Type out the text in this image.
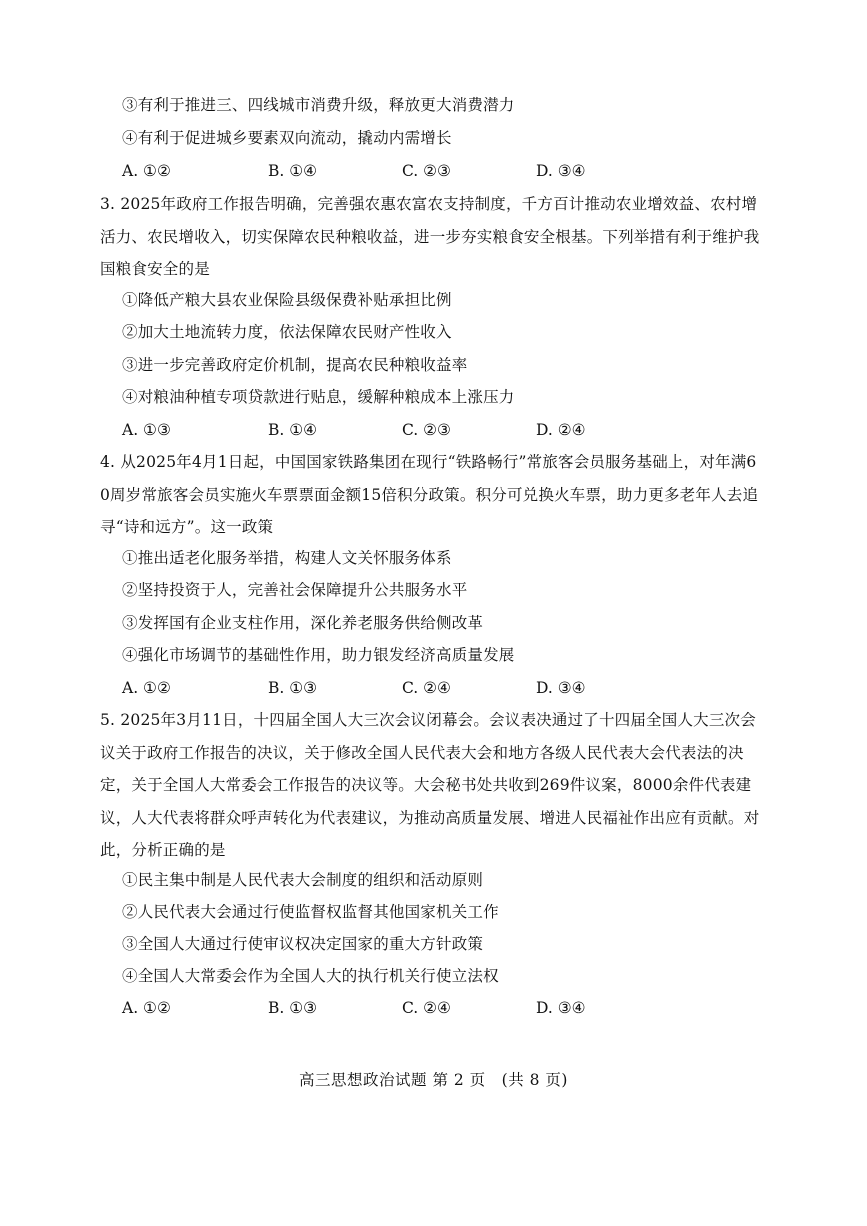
③有利于推进三、四线城市消费升级，释放更大消费潜力
④有利于促进城乡要素双向流动，撬动内需增长
A. ①②	B. ①④	C. ②③	D. ③④
3. 2025年政府工作报告明确，完善强农惠农富农支持制度，千方百计推动农业增效益、农村增活力、农民增收入，切实保障农民种粮收益，进一步夯实粮食安全根基。下列举措有利于维护我国粮食安全的是
①降低产粮大县农业保险县级保费补贴承担比例
②加大土地流转力度，依法保障农民财产性收入
③进一步完善政府定价机制，提高农民种粮收益率
④对粮油种植专项贷款进行贴息，缓解种粮成本上涨压力
A. ①③	B. ①④	C. ②③	D. ②④
4. 从2025年4月1日起，中国国家铁路集团在现行“铁路畅行”常旅客会员服务基础上，对年满60周岁常旅客会员实施火车票票面金额15倍积分政策。积分可兑换火车票，助力更多老年人去追寻“诗和远方”。这一政策
①推出适老化服务举措，构建人文关怀服务体系
②坚持投资于人，完善社会保障提升公共服务水平
③发挥国有企业支柱作用，深化养老服务供给侧改革
④强化市场调节的基础性作用，助力银发经济高质量发展
A. ①②	B. ①③	C. ②④	D. ③④
5. 2025年3月11日，十四届全国人大三次会议闭幕会。会议表决通过了十四届全国人大三次会议关于政府工作报告的决议，关于修改全国人民代表大会和地方各级人民代表大会代表法的决定，关于全国人大常委会工作报告的决议等。大会秘书处共收到269件议案，8000余件代表建议，人大代表将群众呼声转化为代表建议，为推动高质量发展、增进人民福祉作出应有贡献。对此，分析正确的是
①民主集中制是人民代表大会制度的组织和活动原则
②人民代表大会通过行使监督权监督其他国家机关工作
③全国人大通过行使审议权决定国家的重大方针政策
④全国人大常委会作为全国人大的执行机关行使立法权
A. ①②	B. ①③	C. ②④	D. ③④
高三思想政治试题 第 2 页　(共 8 页)
